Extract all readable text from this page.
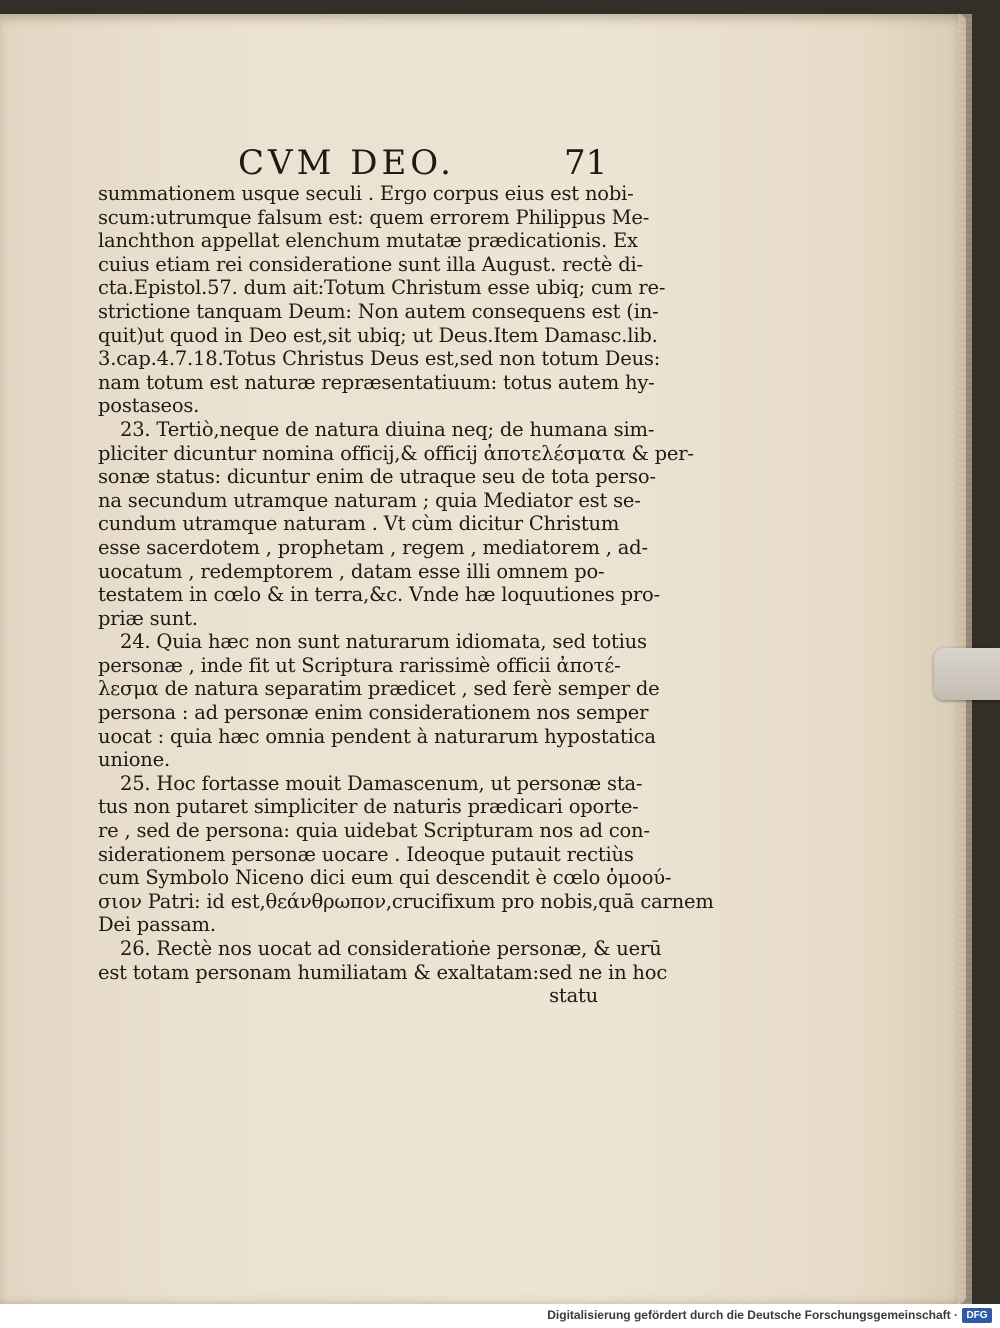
CVM DEO.	71
summationem usque seculi . Ergo corpus eius est nobi-
scum:utrumque falsum est: quem errorem Philippus Me-
lanchthon appellat elenchum mutatæ prædicationis. Ex
cuius etiam rei consideratione sunt illa August. rectè di-
cta.Epistol.57. dum ait:Totum Christum esse ubiq; cum re-
strictione tanquam Deum: Non autem consequens est (in-
quit)ut quod in Deo est,sit ubiq; ut Deus.Item Damasc.lib.
3.cap.4.7.18.Totus Christus Deus est,sed non totum Deus:
nam totum est naturæ repræsentatiuum: totus autem hy-
postaseos.
23. Tertiò,neque de natura diuina neq; de humana sim-
pliciter dicuntur nomina officij,& officij ἀποτελέσματα & per-
sonæ status: dicuntur enim de utraque seu de tota perso-
na secundum utramque naturam ; quia Mediator est se-
cundum utramque naturam . Vt cùm dicitur Christum
esse sacerdotem , prophetam , regem , mediatorem , ad-
uocatum , redemptorem , datam esse illi omnem po-
testatem in cœlo & in terra,&c. Vnde hæ loquutiones pro-
priæ sunt.
24. Quia hæc non sunt naturarum idiomata, sed totius
personæ , inde fit ut Scriptura rarissimè officii ἀποτέ-
λεσμα de natura separatim prædicet , sed ferè semper de
persona : ad personæ enim considerationem nos semper
uocat : quia hæc omnia pendent à naturarum hypostatica
unione.
25. Hoc fortasse mouit Damascenum, ut personæ sta-
tus non putaret simpliciter de naturis prædicari oporte-
re , sed de persona: quia uidebat Scripturam nos ad con-
siderationem personæ uocare . Ideoque putauit rectiùs
cum Symbolo Niceno dici eum qui descendit è cœlo ὁμοού-
σιον Patri: id est,θεάνθρωπον,crucifixum pro nobis,quā carnem
Dei passam.
26. Rectè nos uocat ad consideratioṅe personæ, & uerū
est totam personam humiliatam & exaltatam:sed ne in hoc
statu
Digitalisierung gefördert durch die Deutsche Forschungsgemeinschaft · DFG
